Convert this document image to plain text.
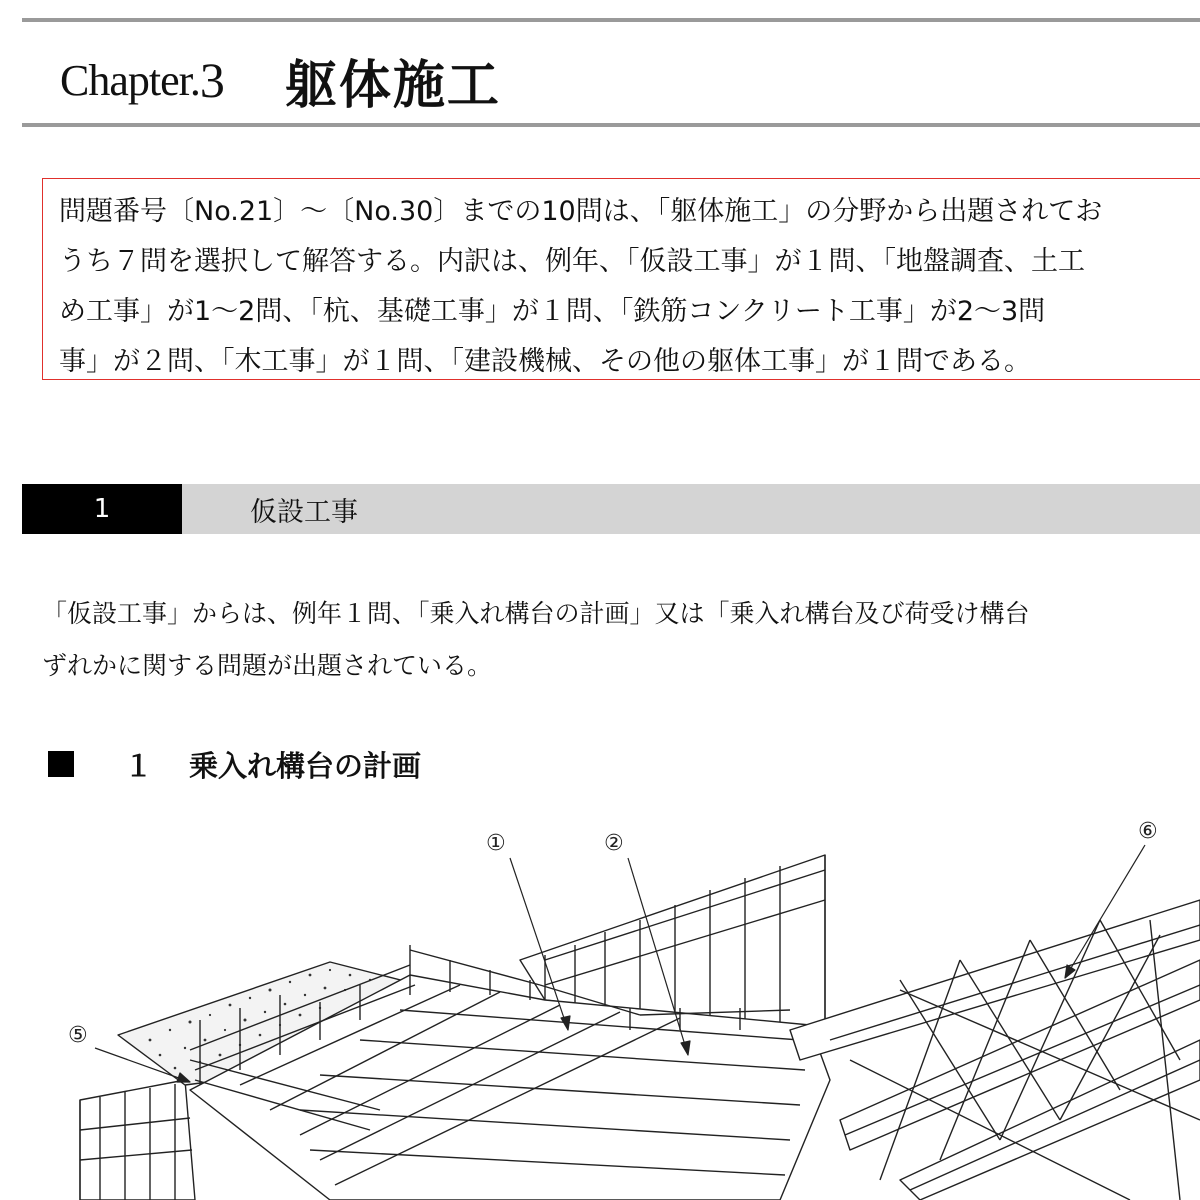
Chapter. 3 躯体施工
問題番号〔No.21〕～〔No.30〕までの10問は、「躯体施工」の分野から出題されてお
うち７問を選択して解答する。内訳は、例年、「仮設工事」が１問、「地盤調査、土工
め工事」が1～2問、「杭、基礎工事」が１問、「鉄筋コンクリート工事」が2～3問
事」が２問、「木工事」が１問、「建設機械、その他の躯体工事」が１問である。
1	仮設工事
「仮設工事」からは、例年１問、「乗入れ構台の計画」又は「乗入れ構台及び荷受け構台
ずれかに関する問題が出題されている。
１ 乗入れ構台の計画
①	②
⑤
⑥
